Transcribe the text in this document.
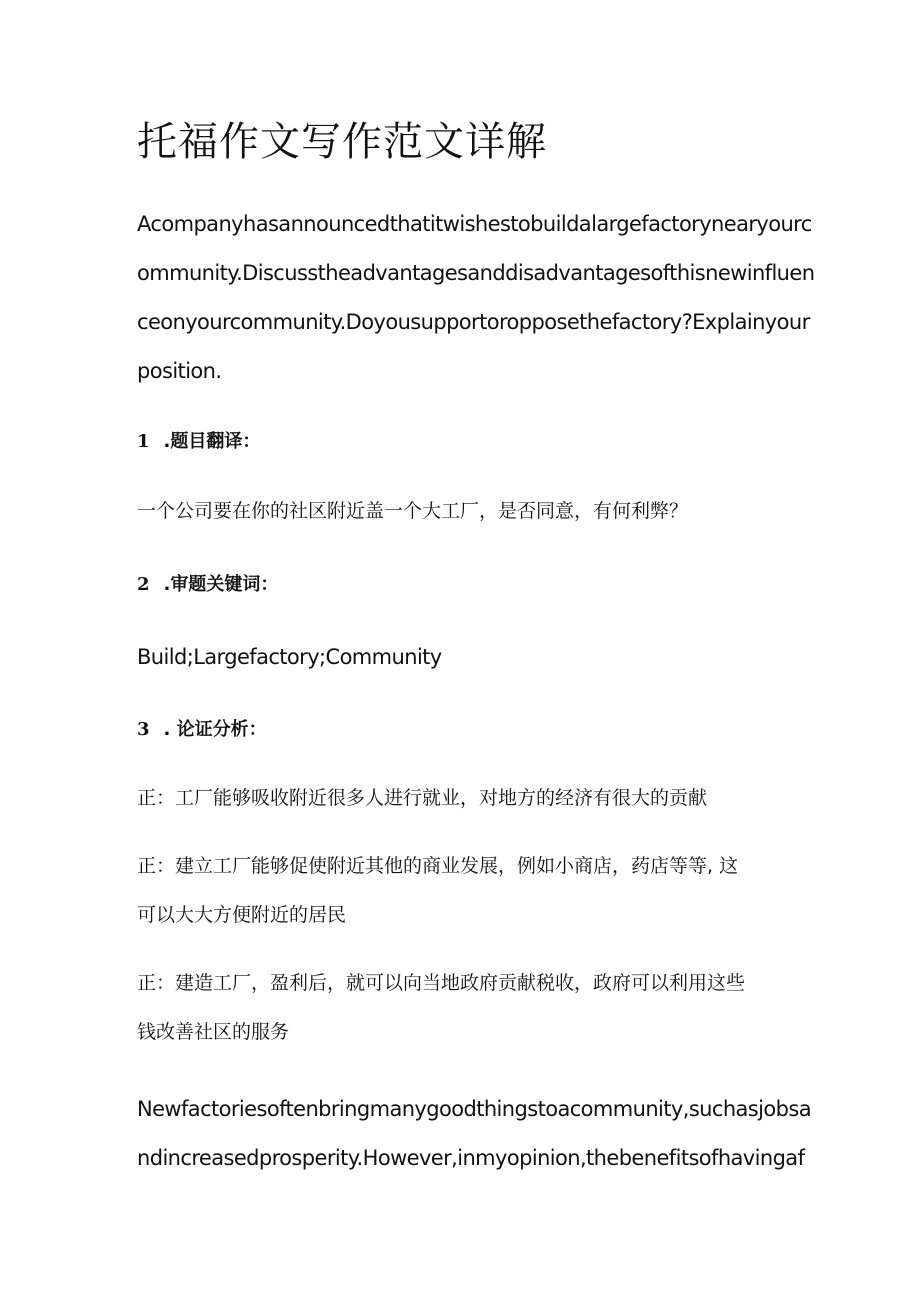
托福作文写作范文详解

Acompanyhasannouncedthatitwishestobuildalargefactorynearyourc

ommunity.Discusstheadvantagesanddisadvantagesofthisnewinfluen

ceonyourcommunity.Doyousupportoropposethefactory?Explainyour

position.

1 .题目翻译：

一个公司要在你的社区附近盖一个大工厂，是否同意，有何利弊？

2 .审题关键词：

Build;Largefactory;Community

3 . 论证分析：

正：工厂能够吸收附近很多人进行就业，对地方的经济有很大的贡献

正：建立工厂能够促使附近其他的商业发展，例如小商店，药店等等, 这

可以大大方便附近的居民

正：建造工厂，盈利后，就可以向当地政府贡献税收，政府可以利用这些

钱改善社区的服务

Newfactoriesoftenbringmanygoodthingstoacommunity,suchasjobsa

ndincreasedprosperity.However,inmyopinion,thebenefitsofhavingaf
